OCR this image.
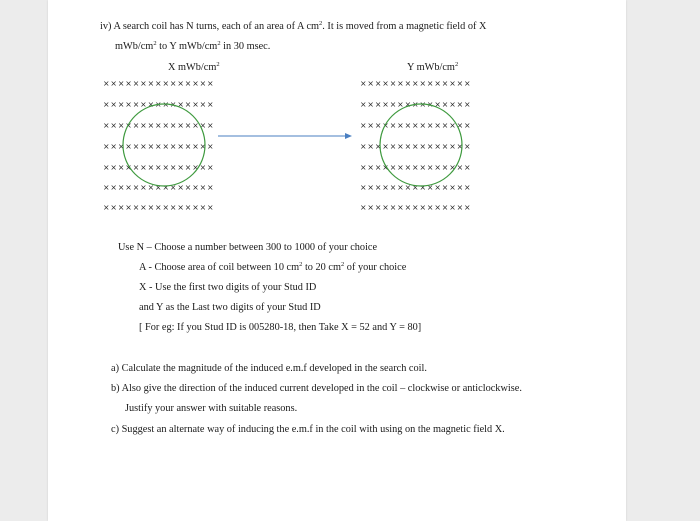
iv) A search coil has N turns, each of an area of A $cm^2$. It is moved from a magnetic field of X
mWb/$cm^2$ to Y mWb/$cm^2$ in 30 msec.
X mWb/$cm^2$	Y mWb/$cm^2$
×××××××××××××××
×××××××××××××××
×××××××××××××××
×××××××××××××××
×××××××××××××××
×××××××××××××××
×××××××××××××××
×××××××××××××××
×××××××××××××××
×××××××××××××××
×××××××××××××××
×××××××××××××××
×××××××××××××××
×××××××××××××××
Use N – Choose a number between 300 to 1000 of your choice
A - Choose area of coil between 10 $cm^2$ to 20 $cm^2$ of your choice
X - Use the first two digits of your Stud ID
and Y as the Last two digits of your Stud ID
[ For eg: If you Stud ID is 005280-18, then Take X = 52 and Y = 80]
a) Calculate the magnitude of the induced e.m.f developed in the search coil.
b) Also give the direction of the induced current developed in the coil – clockwise or anticlockwise.
Justify your answer with suitable reasons.
c) Suggest an alternate way of inducing the e.m.f in the coil with using on the magnetic field X.
